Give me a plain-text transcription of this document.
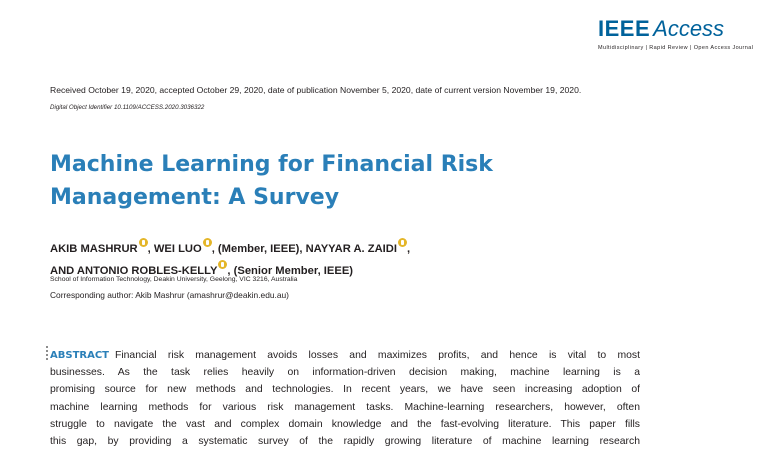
IEEE Access
Multidisciplinary | Rapid Review | Open Access Journal
Received October 19, 2020, accepted October 29, 2020, date of publication November 5, 2020, date of current version November 19, 2020.
Digital Object Identifier 10.1109/ACCESS.2020.3036322
Machine Learning for Financial Risk
Management: A Survey
AKIB MASHRUR , WEI LUO , (Member, IEEE), NAYYAR A. ZAIDI ,
AND ANTONIO ROBLES-KELLY , (Senior Member, IEEE)
School of Information Technology, Deakin University, Geelong, VIC 3216, Australia
Corresponding author: Akib Mashrur (amashrur@deakin.edu.au)
ABSTRACT Financial risk management avoids losses and maximizes profits, and hence is vital to most
businesses. As the task relies heavily on information-driven decision making, machine learning is a
promising source for new methods and technologies. In recent years, we have seen increasing adoption of
machine learning methods for various risk management tasks. Machine-learning researchers, however, often
struggle to navigate the vast and complex domain knowledge and the fast-evolving literature. This paper fills
this gap, by providing a systematic survey of the rapidly growing literature of machine learning research
